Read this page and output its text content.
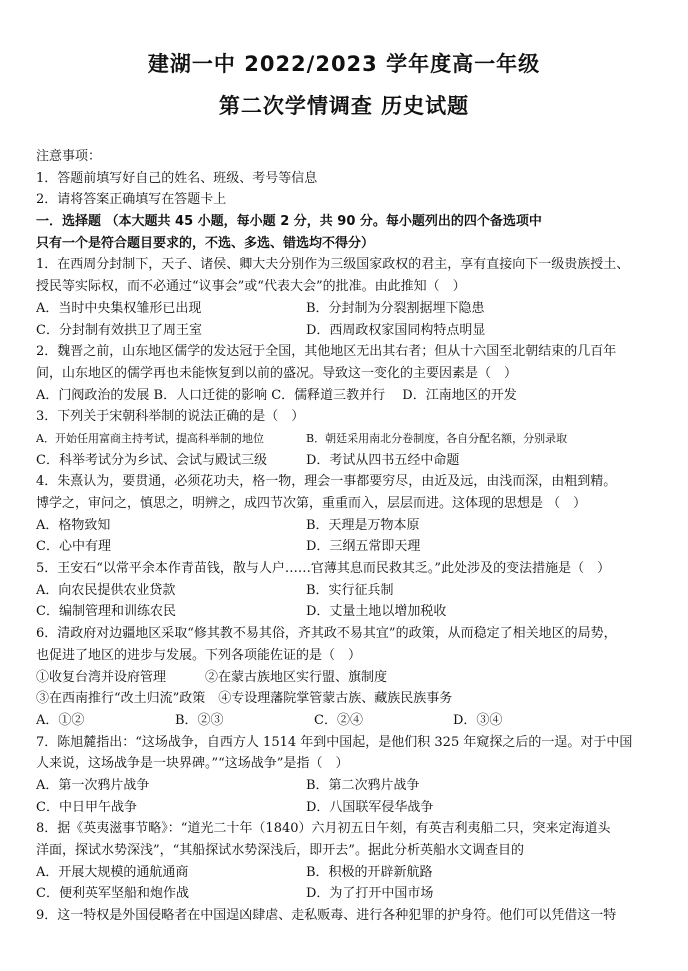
建湖一中 2022/2023 学年度高一年级
第二次学情调查 历史试题
注意事项：
1．答题前填写好自己的姓名、班级、考号等信息
2．请将答案正确填写在答题卡上
一．选择题 （本大题共 45 小题，每小题 2 分，共 90 分。每小题列出的四个备选项中
只有一个是符合题目要求的，不选、多选、错选均不得分）
1．在西周分封制下，天子、诸侯、卿大夫分别作为三级国家政权的君主，享有直接向下一级贵族授土、
授民等实际权，而不必通过“议事会”或“代表大会”的批准。由此推知（　）
A．当时中央集权雏形已出现	B．分封制为分裂割据埋下隐患
C．分封制有效拱卫了周王室	D．西周政权家国同构特点明显
2．魏晋之前，山东地区儒学的发达冠于全国，其他地区无出其右者；但从十六国至北朝结束的几百年
间，山东地区的儒学再也未能恢复到以前的盛况。导致这一变化的主要因素是（　）
A．门阀政治的发展 B．人口迁徙的影响 C．儒释道三教并行 　D．江南地区的开发
3．下列关于宋朝科举制的说法正确的是（　）
A．开始任用富商主持考试，提高科举制的地位	B．朝廷采用南北分卷制度，各自分配名额，分别录取
C．科举考试分为乡试、会试与殿试三级	D．考试从四书五经中命题
4．朱熹认为，要贯通，必须花功夫，格一物，理会一事都要穷尽，由近及远，由浅而深，由粗到精。
博学之，审问之，慎思之，明辨之，成四节次第，重重而入，层层而进。这体现的思想是 （　）
A．格物致知	B．天理是万物本原
C．心中有理	D．三纲五常即天理
5．王安石“以常平余本作青苗钱，散与人户……官薄其息而民救其乏。”此处涉及的变法措施是（　）
A．向农民提供农业贷款	B．实行征兵制
C．编制管理和训练农民	D．丈量土地以增加税收
6．清政府对边疆地区采取“修其教不易其俗，齐其政不易其宜”的政策，从而稳定了相关地区的局势，
也促进了地区的进步与发展。下列各项能佐证的是（　）
①收复台湾并设府管理　　　②在蒙古族地区实行盟、旗制度
③在西南推行“改土归流”政策　④专设理藩院掌管蒙古族、藏族民族事务
A．①②	B．②③	C．②④	D．③④
7．陈旭麓指出：“这场战争，自西方人 1514 年到中国起，是他们积 325 年窥探之后的一逞。对于中国
人来说，这场战争是一块界碑。”“这场战争”是指（　）
A．第一次鸦片战争	B．第二次鸦片战争
C．中日甲午战争	D．八国联军侵华战争
8．据《英夷滋事节略》：“道光二十年（1840）六月初五日午刻，有英吉利夷船二只，突来定海道头
洋面，探试水势深浅”，“其船探试水势深浅后，即开去”。据此分析英船水文调查目的
A．开展大规模的通航通商	B．积极的开辟新航路
C．便利英军坚船和炮作战	D．为了打开中国市场
9．这一特权是外国侵略者在中国逞凶肆虐、走私贩毒、进行各种犯罪的护身符。他们可以凭借这一特
